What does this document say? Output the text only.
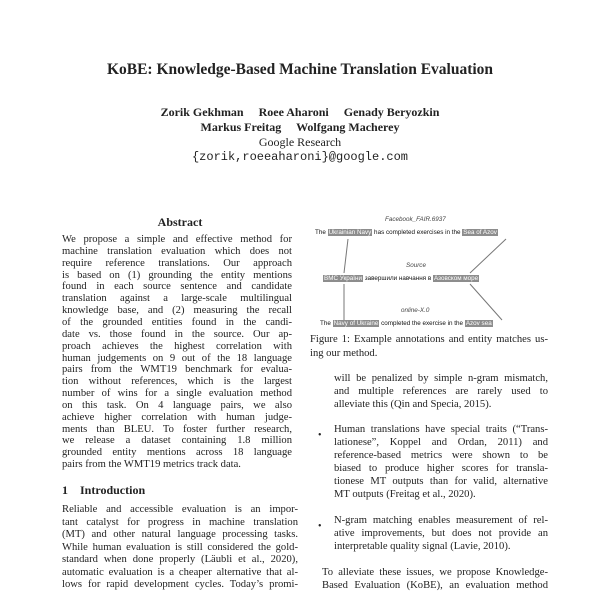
KoBE: Knowledge-Based Machine Translation Evaluation
Zorik Gekhman Roee Aharoni Genady Beryozkin
Markus Freitag Wolfgang Macherey
Google Research
{zorik,roeeaharoni}@google.com
Abstract
We propose a simple and effective method for
machine translation evaluation which does not
require reference translations. Our approach
is based on (1) grounding the entity mentions
found in each source sentence and candidate
translation against a large-scale multilingual
knowledge base, and (2) measuring the recall
of the grounded entities found in the candi-
date vs. those found in the source. Our ap-
proach achieves the highest correlation with
human judgements on 9 out of the 18 language
pairs from the WMT19 benchmark for evalua-
tion without references, which is the largest
number of wins for a single evaluation method
on this task. On 4 language pairs, we also
achieve higher correlation with human judge-
ments than BLEU. To foster further research,
we release a dataset containing 1.8 million
grounded entity mentions across 18 language
pairs from the WMT19 metrics track data.
1 Introduction
Reliable and accessible evaluation is an impor-
tant catalyst for progress in machine translation
(MT) and other natural language processing tasks.
While human evaluation is still considered the gold-
standard when done properly (Läubli et al., 2020),
automatic evaluation is a cheaper alternative that al-
lows for rapid development cycles. Today’s promi-
Facebook_FAIR.6937
The Ukrainian Navy has completed exercises in the Sea of Azov
Source
ВМС України завершили навчання в Азовском море
online-X.0
The Navy of Ukraine completed the exercise in the Azov sea
Figure 1: Example annotations and entity matches us-
ing our method.
will be penalized by simple n-gram mismatch,
and multiple references are rarely used to
alleviate this (Qin and Specia, 2015).
Human translations have special traits (“Trans-
lationese”, Koppel and Ordan, 2011) and
reference-based metrics were shown to be
biased to produce higher scores for transla-
tionese MT outputs than for valid, alternative
MT outputs (Freitag et al., 2020).
N-gram matching enables measurement of rel-
ative improvements, but does not provide an
interpretable quality signal (Lavie, 2010).
To alleviate these issues, we propose Knowledge-
Based Evaluation (KoBE), an evaluation method
•
•
